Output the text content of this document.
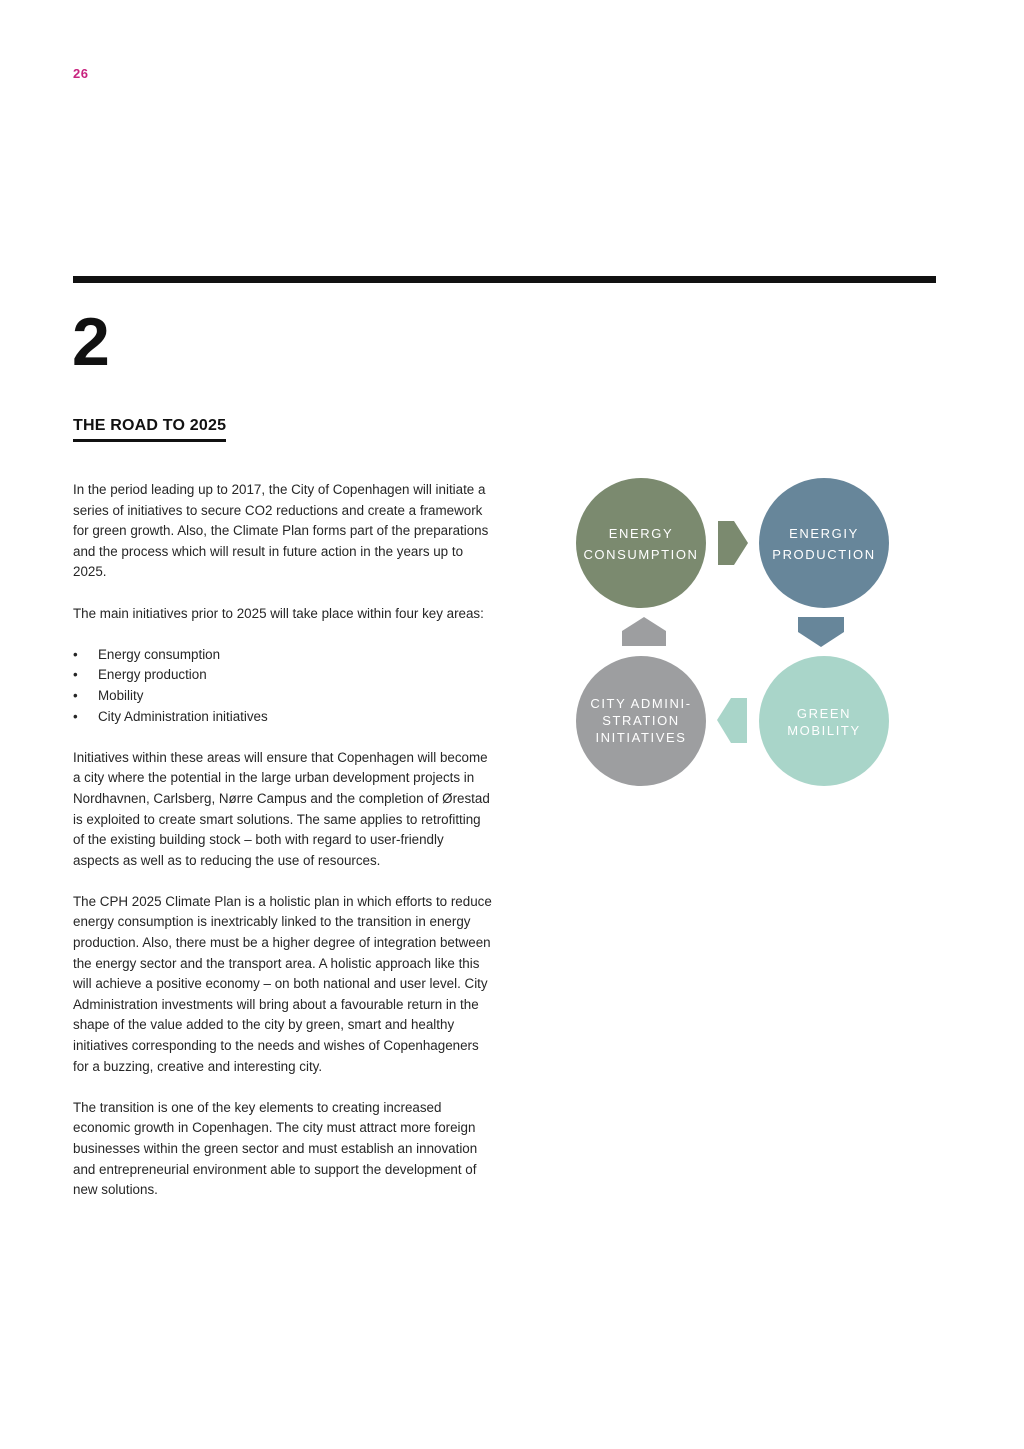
26
2
THE ROAD TO 2025

In the period leading up to 2017, the City of Copenhagen will initiate a series of initiatives to secure CO2 reductions and create a framework for green growth. Also, the Climate Plan forms part of the preparations and the process which will result in future action in the years up to 2025.

The main initiatives prior to 2025 will take place within four key areas:

• Energy consumption
• Energy production
• Mobility
• City Administration initiatives

Initiatives within these areas will ensure that Copenhagen will become a city where the potential in the large urban development projects in Nordhavnen, Carlsberg, Nørre Campus and the completion of Ørestad is exploited to create smart solutions. The same applies to retrofitting of the existing building stock – both with regard to user-friendly aspects as well as to reducing the use of resources.

The CPH 2025 Climate Plan is a holistic plan in which efforts to reduce energy consumption is inextricably linked to the transition in energy production. Also, there must be a higher degree of integration between the energy sector and the transport area. A holistic approach like this will achieve a positive economy – on both national and user level. City Administration investments will bring about a favourable return in the shape of the value added to the city by green, smart and healthy initiatives corresponding to the needs and wishes of Copenhageners for a buzzing, creative and interesting city.

The transition is one of the key elements to creating increased economic growth in Copenhagen. The city must attract more foreign businesses within the green sector and must establish an innovation and entrepreneurial environment able to support the development of new solutions.

ENERGY
CONSUMPTION
ENERGIY
PRODUCTION
GREEN
MOBILITY
CITY ADMINI-
STRATION
INITIATIVES
